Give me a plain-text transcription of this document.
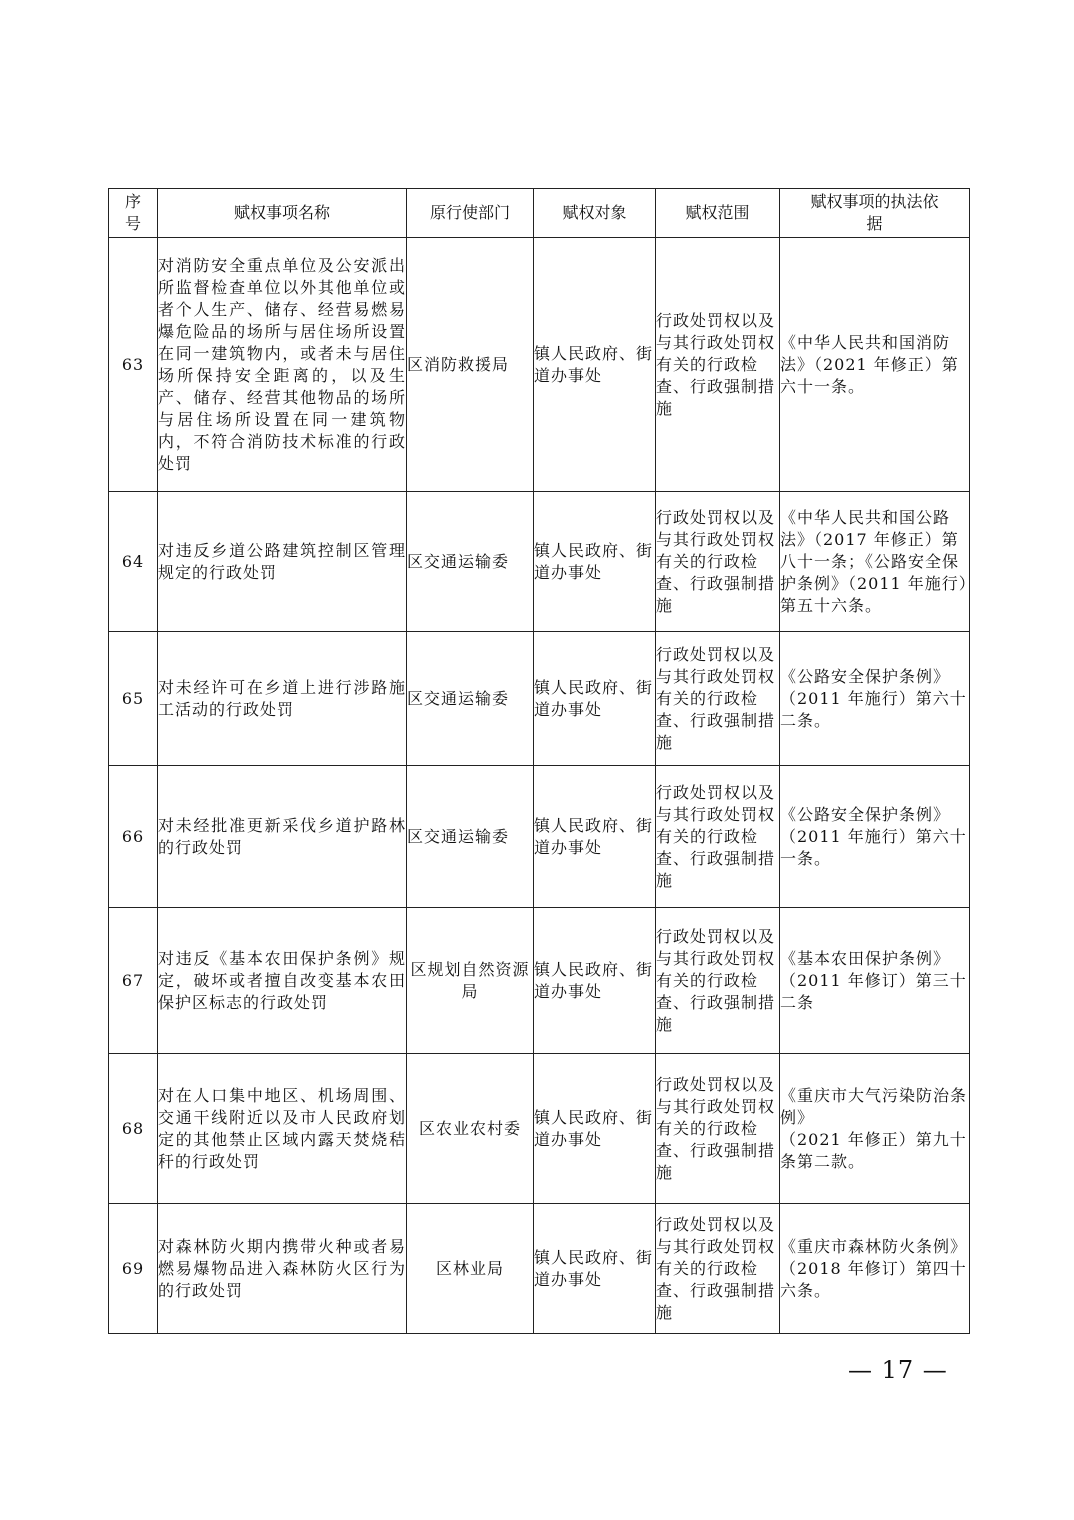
序
号	赋权事项名称	原行使部门	赋权对象	赋权范围	赋权事项的执法依
据
63	对消防安全重点单位及公安派出所监督检查单位以外其他单位或者个人生产、储存、经营易燃易爆危险品的场所与居住场所设置在同一建筑物内，或者未与居住场所保持安全距离的，以及生产、储存、经营其他物品的场所与居住场所设置在同一建筑物内，不符合消防技术标准的行政处罚	区消防救援局	镇人民政府、街道办事处	行政处罚权以及与其行政处罚权有关的行政检查、行政强制措施	《中华人民共和国消防法》（2021 年修正）第六十一条。
64	对违反乡道公路建筑控制区管理规定的行政处罚	区交通运输委	镇人民政府、街道办事处	行政处罚权以及与其行政处罚权有关的行政检查、行政强制措施	《中华人民共和国公路法》（2017 年修正）第八十一条；《公路安全保护条例》（2011 年施行）第五十六条。
65	对未经许可在乡道上进行涉路施工活动的行政处罚	区交通运输委	镇人民政府、街道办事处	行政处罚权以及与其行政处罚权有关的行政检查、行政强制措施	《公路安全保护条例》
（2011 年施行）第六十二条。
66	对未经批准更新采伐乡道护路林的行政处罚	区交通运输委	镇人民政府、街道办事处	行政处罚权以及与其行政处罚权有关的行政检查、行政强制措施	《公路安全保护条例》
（2011 年施行）第六十一条。
67	对违反《基本农田保护条例》规定，破坏或者擅自改变基本农田保护区标志的行政处罚	区规划自然资源局	镇人民政府、街道办事处	行政处罚权以及与其行政处罚权有关的行政检查、行政强制措施	《基本农田保护条例》（2011 年修订）第三十二条
68	对在人口集中地区、机场周围、交通干线附近以及市人民政府划定的其他禁止区域内露天焚烧秸秆的行政处罚	区农业农村委	镇人民政府、街道办事处	行政处罚权以及与其行政处罚权有关的行政检查、行政强制措施	《重庆市大气污染防治条例》
（2021 年修正）第九十条第二款。
69	对森林防火期内携带火种或者易燃易爆物品进入森林防火区行为的行政处罚	区林业局	镇人民政府、街道办事处	行政处罚权以及与其行政处罚权有关的行政检查、行政强制措施	《重庆市森林防火条例》
（2018 年修订）第四十六条。
— 17 —
